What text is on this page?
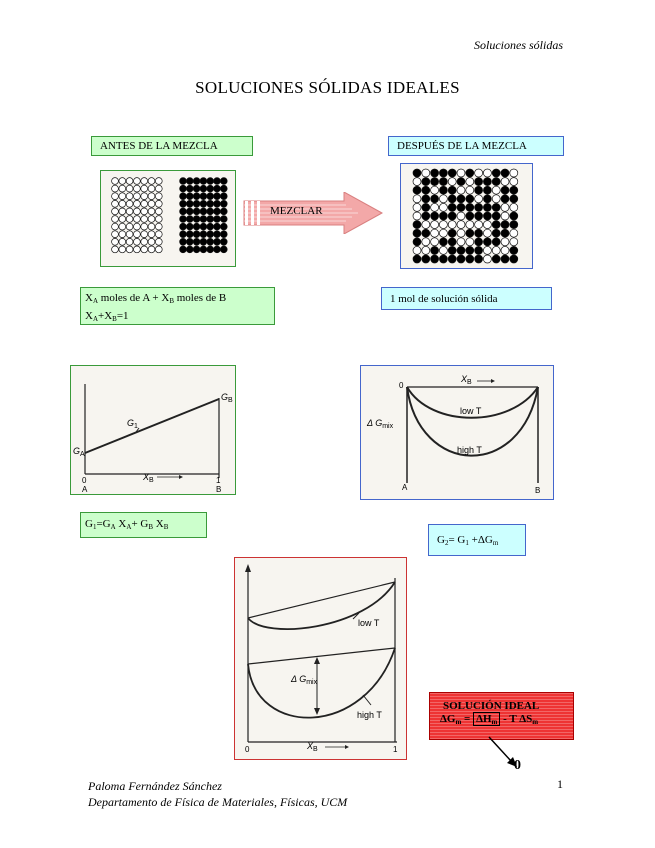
Soluciones sólidas
SOLUCIONES SÓLIDAS IDEALES
ANTES DE LA MEZCLA	DESPUÉS DE LA MEZCLA
MEZCLAR
$X_A$ moles de $A + X_B$ moles de B
$X_A+X_B=1$
1 mol de solución sólida
$G_A$
$G_B$
$G_1$
0	1
A	B
$X_B$
0
$X_B$
Δ $G_{mix}$
low T
high T
A	B
$G_1=G_A$ $X_A+ G_B$ $X_B$
$G_2= G_1 +\Delta G_m$
low T
high T
Δ $G_{mix}$
0	1
$X_B$
SOLUCIÓN IDEAL
$\Delta G_m = \Delta H_m - T$ $\Delta S_m$
0
Paloma Fernández Sánchez
Departamento de Física de Materiales, Físicas, UCM
1
